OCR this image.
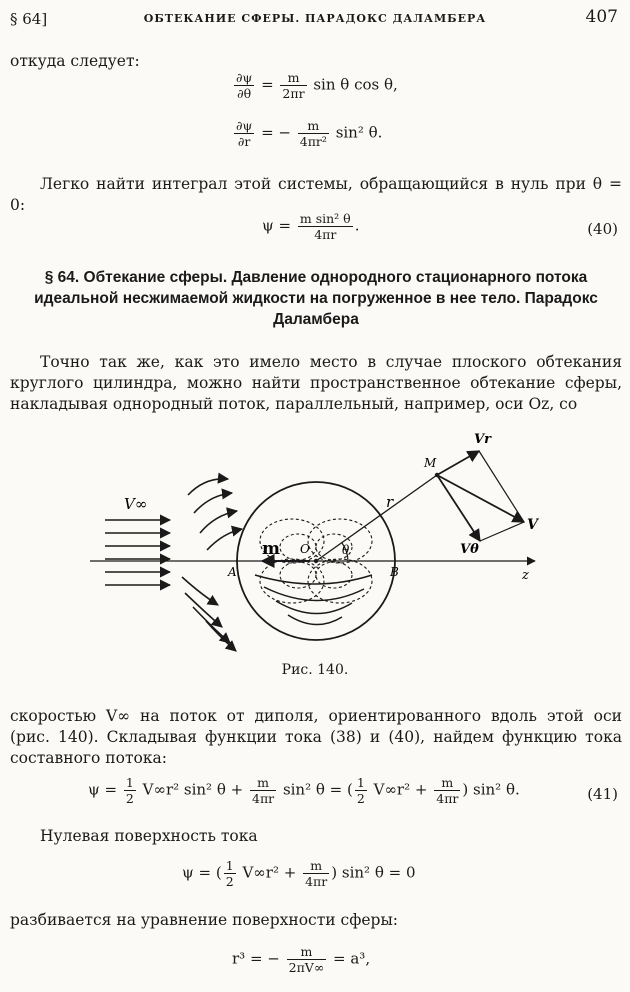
§ 64]	ОБТЕКАНИЕ СФЕРЫ. ПАРАДОКС ДАЛАМБЕРА	407
откуда следует:
$\frac{\partial\psi}{\partial\theta} = \frac{m}{2\pi r}$ sin θ cos θ,
$\frac{\partial\psi}{\partial r}$ = − $\frac{m}{\text{4πr²}} \sin^2$ θ.
Легко найти интеграл этой системы, обращающийся в нуль при θ = 0:
$\psi = \frac{\text{m sin² θ}}{4\pi r}$ .	(40)
§ 64. Обтекание сферы. Давление однородного стационарного потока идеальной несжимаемой жидкости на погруженное в нее тело. Парадокс Даламбера
Точно так же, как это имело место в случае плоского обтекания круглого цилиндра, можно найти пространственное обтекание сферы, накладывая однородный поток, параллельный, например, оси Oz, со
V∞
m O	θ
A	B	z
r
M
Vr
V
Vθ
Рис. 140.
скоростью V∞ на поток от диполя, ориентированного вдоль этой оси (рис. 140). Складывая функции тока (38) и (40), найдем функцию тока составного потока:
$\psi = \frac{1}{2} V\infty r^2$ sin² $\theta + \frac{m}{4\pi r} \sin^2$ θ = ( $\frac{1}{2} V\infty r^2 + \frac{m}{4\pi r}$ ) sin² θ.	(41)
Нулевая поверхность тока
ψ = ( $\frac{1}{2} V\infty r^2 + \frac{m}{4\pi r}$ ) sin² θ = 0
разбивается на уравнение поверхности сферы:
r³ = − $\frac{m}{2\pi V\infty} = a^3$,
